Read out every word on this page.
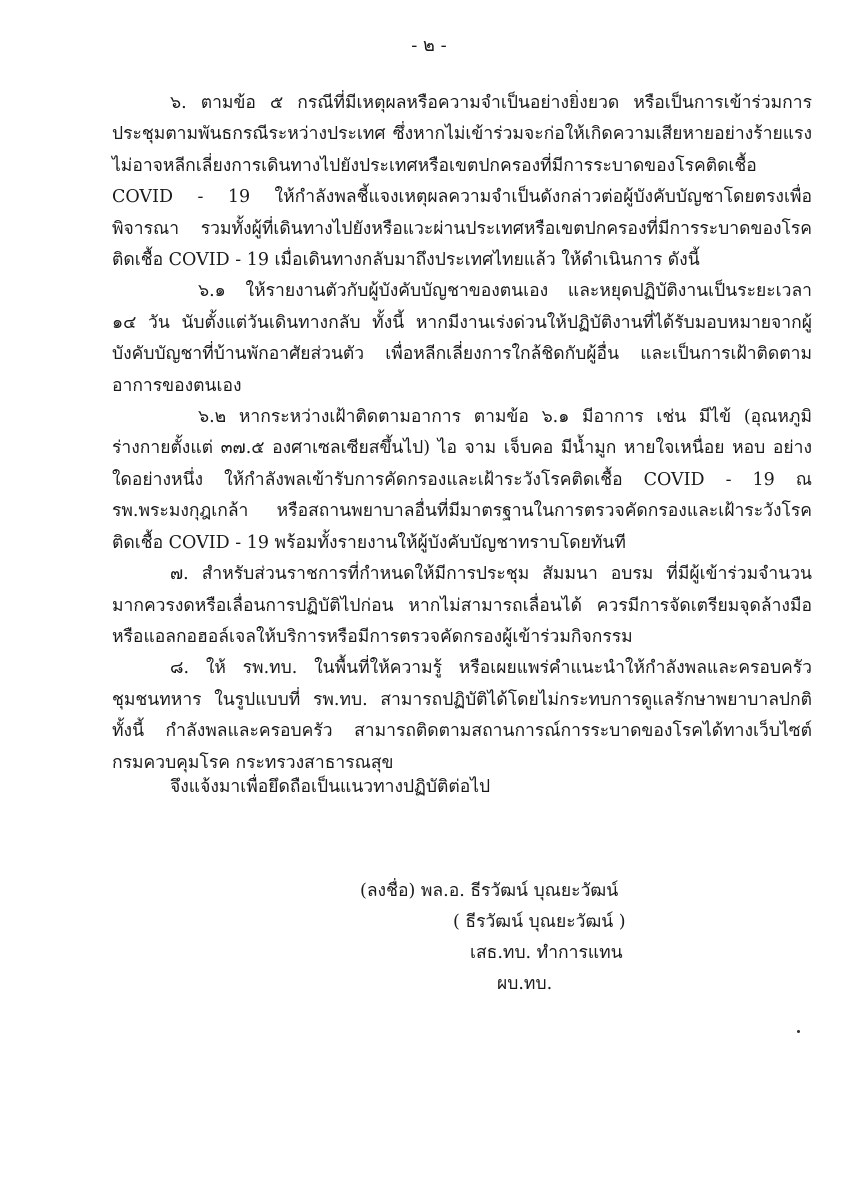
- ๒ -

๖. ตามข้อ ๕ กรณีที่มีเหตุผลหรือความจำเป็นอย่างยิ่งยวด หรือเป็นการเข้าร่วมการประชุมตามพันธกรณีระหว่างประเทศ ซึ่งหากไม่เข้าร่วมจะก่อให้เกิดความเสียหายอย่างร้ายแรง ไม่อาจหลีกเลี่ยงการเดินทางไปยังประเทศหรือเขตปกครองที่มีการระบาดของโรคติดเชื้อ COVID - 19 ให้กำลังพลชี้แจงเหตุผลความจำเป็นดังกล่าวต่อผู้บังคับบัญชาโดยตรงเพื่อพิจารณา รวมทั้งผู้ที่เดินทางไปยังหรือแวะผ่านประเทศหรือเขตปกครองที่มีการระบาดของโรคติดเชื้อ COVID - 19 เมื่อเดินทางกลับมาถึงประเทศไทยแล้ว ให้ดำเนินการ ดังนี้

๖.๑ ให้รายงานตัวกับผู้บังคับบัญชาของตนเอง และหยุดปฏิบัติงานเป็นระยะเวลา ๑๔ วัน นับตั้งแต่วันเดินทางกลับ ทั้งนี้ หากมีงานเร่งด่วนให้ปฏิบัติงานที่ได้รับมอบหมายจากผู้บังคับบัญชาที่บ้านพักอาศัยส่วนตัว เพื่อหลีกเลี่ยงการใกล้ชิดกับผู้อื่น และเป็นการเฝ้าติดตามอาการของตนเอง

๖.๒ หากระหว่างเฝ้าติดตามอาการ ตามข้อ ๖.๑ มีอาการ เช่น มีไข้ (อุณหภูมิร่างกายตั้งแต่ ๓๗.๕ องศาเซลเซียสขึ้นไป) ไอ จาม เจ็บคอ มีน้ำมูก หายใจเหนื่อย หอบ อย่างใดอย่างหนึ่ง ให้กำลังพลเข้ารับการคัดกรองและเฝ้าระวังโรคติดเชื้อ COVID - 19 ณ รพ.พระมงกุฎเกล้า หรือสถานพยาบาลอื่นที่มีมาตรฐานในการตรวจคัดกรองและเฝ้าระวังโรคติดเชื้อ COVID - 19 พร้อมทั้งรายงานให้ผู้บังคับบัญชาทราบโดยทันที

๗. สำหรับส่วนราชการที่กำหนดให้มีการประชุม สัมมนา อบรม ที่มีผู้เข้าร่วมจำนวนมากควรงดหรือเลื่อนการปฏิบัติไปก่อน หากไม่สามารถเลื่อนได้ ควรมีการจัดเตรียมจุดล้างมือหรือแอลกอฮอล์เจลให้บริการหรือมีการตรวจคัดกรองผู้เข้าร่วมกิจกรรม

๘. ให้ รพ.ทบ. ในพื้นที่ให้ความรู้ หรือเผยแพร่คำแนะนำให้กำลังพลและครอบครัวชุมชนทหาร ในรูปแบบที่ รพ.ทบ. สามารถปฏิบัติได้โดยไม่กระทบการดูแลรักษาพยาบาลปกติ ทั้งนี้ กำลังพลและครอบครัว สามารถติดตามสถานการณ์การระบาดของโรคได้ทางเว็บไซต์ กรมควบคุมโรค กระทรวงสาธารณสุข

จึงแจ้งมาเพื่อยึดถือเป็นแนวทางปฏิบัติต่อไป
(ลงชื่อ) พล.อ. ธีรวัฒน์ บุณยะวัฒน์
( ธีรวัฒน์ บุณยะวัฒน์ )
เสธ.ทบ. ทำการแทน
ผบ.ทบ.
